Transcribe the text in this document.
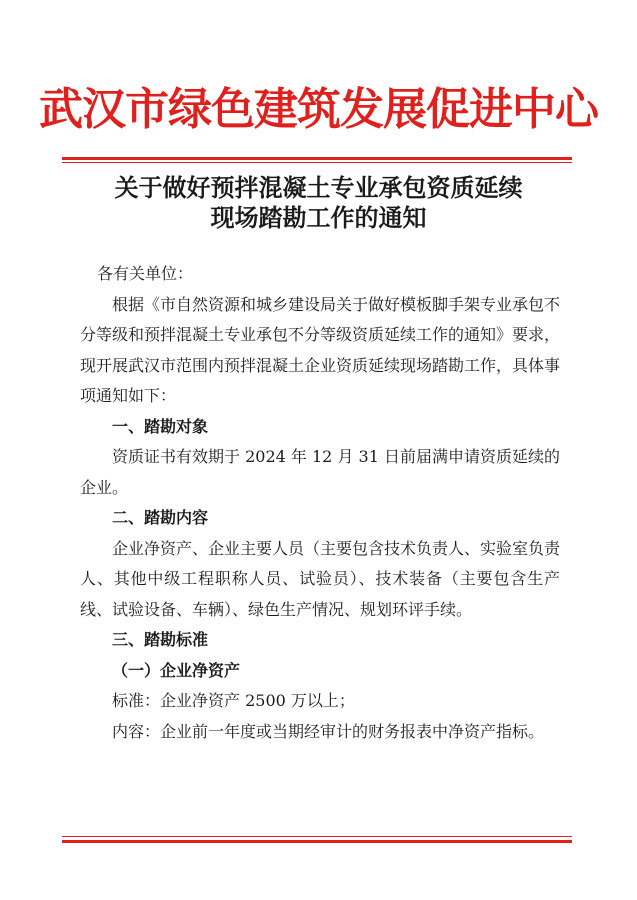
武汉市绿色建筑发展促进中心
关于做好预拌混凝土专业承包资质延续
现场踏勘工作的通知

各有关单位：

根据《市自然资源和城乡建设局关于做好模板脚手架专业承包不分等级和预拌混凝土专业承包不分等级资质延续工作的通知》要求，现开展武汉市范围内预拌混凝土企业资质延续现场踏勘工作，具体事项通知如下：

一、踏勘对象

资质证书有效期于 2024 年 12 月 31 日前届满申请资质延续的企业。

二、踏勘内容

企业净资产、企业主要人员（主要包含技术负责人、实验室负责人、其他中级工程职称人员、试验员）、技术装备（主要包含生产线、试验设备、车辆）、绿色生产情况、规划环评手续。

三、踏勘标准

（一）企业净资产

标准：企业净资产 2500 万以上；

内容：企业前一年度或当期经审计的财务报表中净资产指标。
